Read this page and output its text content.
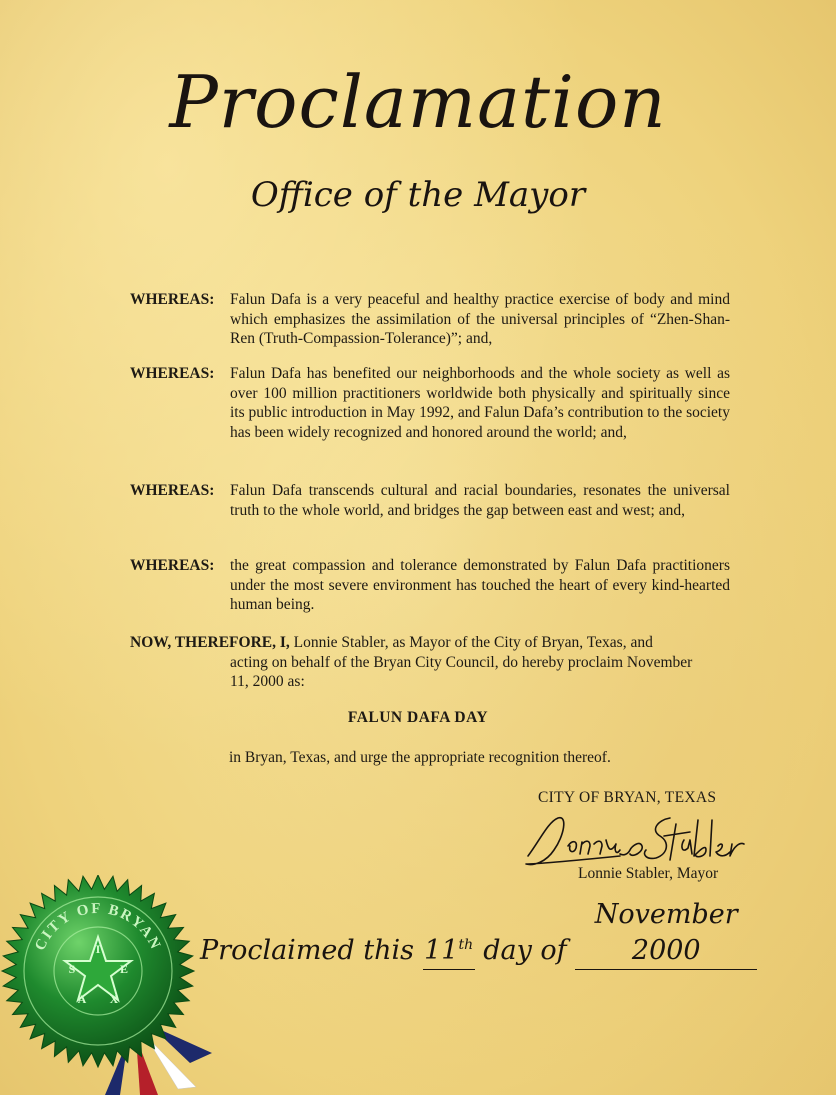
Proclamation
Office of the Mayor
WHEREAS: Falun Dafa is a very peaceful and healthy practice exercise of body and mind which emphasizes the assimilation of the universal principles of “Zhen-Shan-Ren (Truth-Compassion-Tolerance)”; and,
WHEREAS: Falun Dafa has benefited our neighborhoods and the whole society as well as over 100 million practitioners worldwide both physically and spiritually since its public introduction in May 1992, and Falun Dafa’s contribution to the society has been widely recognized and honored around the world; and,
WHEREAS: Falun Dafa transcends cultural and racial boundaries, resonates the universal truth to the whole world, and bridges the gap between east and west; and,
WHEREAS: the great compassion and tolerance demonstrated by Falun Dafa practitioners under the most severe environment has touched the heart of every kind-hearted human being.
NOW, THEREFORE, I, Lonnie Stabler, as Mayor of the City of Bryan, Texas, and
acting on behalf of the Bryan City Council, do hereby proclaim November
11, 2000 as:
FALUN DAFA DAY
in Bryan, Texas, and urge the appropriate recognition thereof.
CITY OF BRYAN, TEXAS
Lonnie Stabler, Mayor
Proclaimed this 11th day of November 2000
CITY OF BRYAN
T
E
X
A
S
